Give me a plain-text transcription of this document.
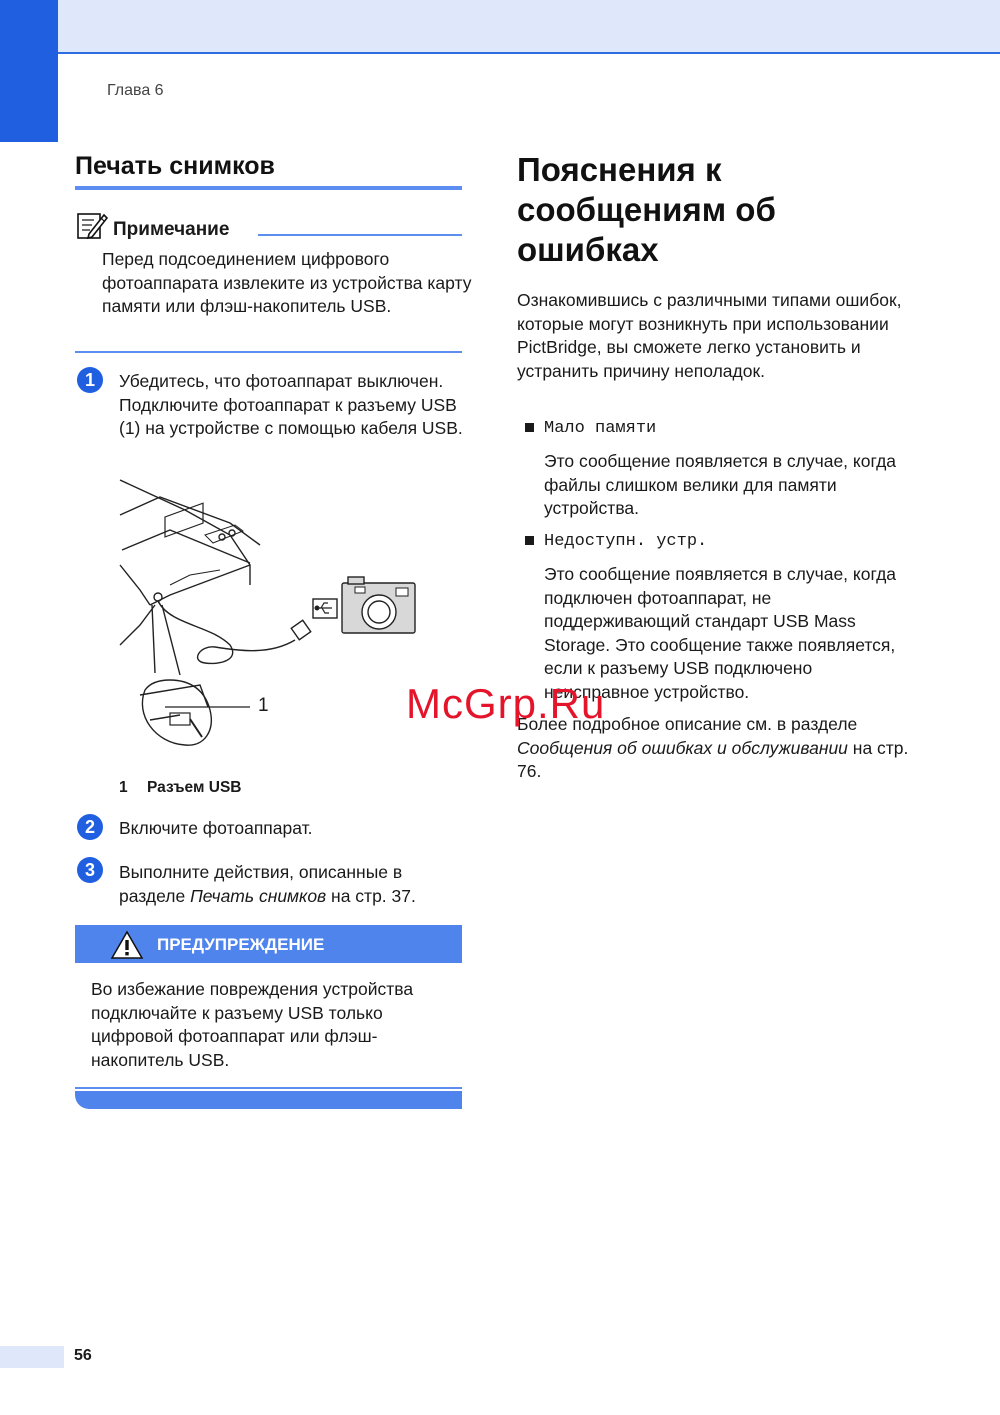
Глава 6
Печать снимков
Примечание
Перед подсоединением цифрового фотоаппарата извлеките из устройства карту памяти или флэш-накопитель USB.
1	Убедитесь, что фотоаппарат выключен. Подключите фотоаппарат к разъему USB (1) на устройстве с помощью кабеля USB.
1
1 Разъем USB
2	Включите фотоаппарат.
3	Выполните действия, описанные в разделе Печать снимков на стр. 37.
ПРЕДУПРЕЖДЕНИЕ
Во избежание повреждения устройства подключайте к разъему USB только цифровой фотоаппарат или флэш-накопитель USB.
Пояснения к сообщениям об ошибках
Ознакомившись с различными типами ошибок, которые могут возникнуть при использовании PictBridge, вы сможете легко установить и устранить причину неполадок.
Мало памяти
Это сообщение появляется в случае, когда файлы слишком велики для памяти устройства.
Недоступн. устр.
Это сообщение появляется в случае, когда подключен фотоаппарат, не поддерживающий стандарт USB Mass Storage. Это сообщение также появляется, если к разъему USB подключено неисправное устройство.
Более подробное описание см. в разделе Сообщения об ошибках и обслуживании на стр. 76.
McGrp.Ru
56
